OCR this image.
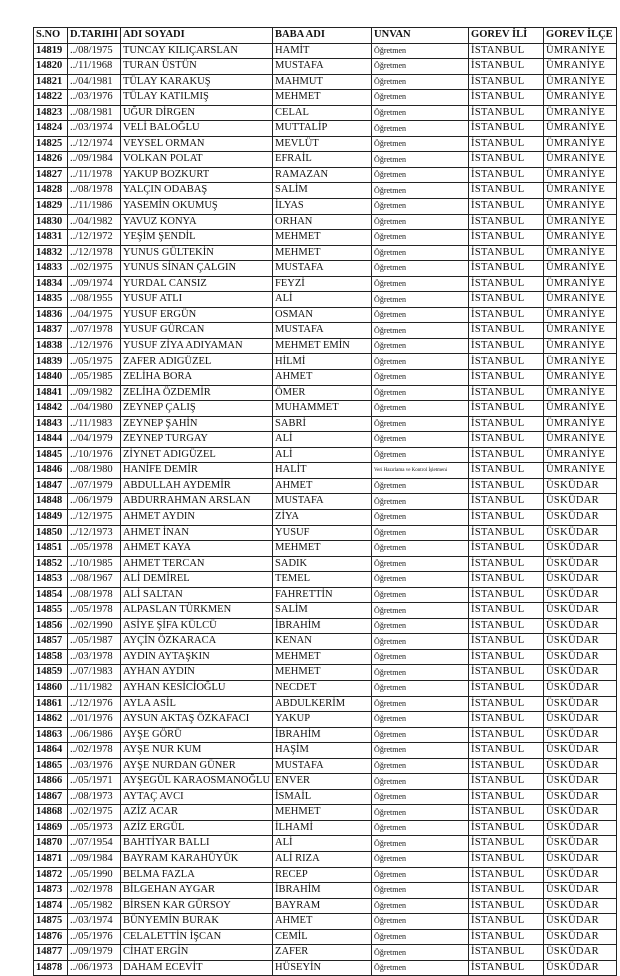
S.NO	D.TARIHI	ADI SOYADI	BABA ADI	UNVAN	GOREV İLİ	GOREV İLÇE
14819	../08/1975	TUNCAY KILIÇARSLAN	HAMİT	Öğretmen	İSTANBUL	ÜMRANİYE
14820	../11/1968	TURAN ÜSTÜN	MUSTAFA	Öğretmen	İSTANBUL	ÜMRANİYE
14821	../04/1981	TÜLAY KARAKUŞ	MAHMUT	Öğretmen	İSTANBUL	ÜMRANİYE
14822	../03/1976	TÜLAY KATILMIŞ	MEHMET	Öğretmen	İSTANBUL	ÜMRANİYE
14823	../08/1981	UĞUR DİRGEN	CELAL	Öğretmen	İSTANBUL	ÜMRANİYE
14824	../03/1974	VELİ BALOĞLU	MUTTALİP	Öğretmen	İSTANBUL	ÜMRANİYE
14825	../12/1974	VEYSEL ORMAN	MEVLÜT	Öğretmen	İSTANBUL	ÜMRANİYE
14826	../09/1984	VOLKAN POLAT	EFRAİL	Öğretmen	İSTANBUL	ÜMRANİYE
14827	../11/1978	YAKUP BOZKURT	RAMAZAN	Öğretmen	İSTANBUL	ÜMRANİYE
14828	../08/1978	YALÇIN ODABAŞ	SALİM	Öğretmen	İSTANBUL	ÜMRANİYE
14829	../11/1986	YASEMİN OKUMUŞ	İLYAS	Öğretmen	İSTANBUL	ÜMRANİYE
14830	../04/1982	YAVUZ KONYA	ORHAN	Öğretmen	İSTANBUL	ÜMRANİYE
14831	../12/1972	YEŞİM ŞENDİL	MEHMET	Öğretmen	İSTANBUL	ÜMRANİYE
14832	../12/1978	YUNUS GÜLTEKİN	MEHMET	Öğretmen	İSTANBUL	ÜMRANİYE
14833	../02/1975	YUNUS SİNAN ÇALGIN	MUSTAFA	Öğretmen	İSTANBUL	ÜMRANİYE
14834	../09/1974	YURDAL CANSIZ	FEYZİ	Öğretmen	İSTANBUL	ÜMRANİYE
14835	../08/1955	YUSUF ATLI	ALİ	Öğretmen	İSTANBUL	ÜMRANİYE
14836	../04/1975	YUSUF ERGÜN	OSMAN	Öğretmen	İSTANBUL	ÜMRANİYE
14837	../07/1978	YUSUF GÜRCAN	MUSTAFA	Öğretmen	İSTANBUL	ÜMRANİYE
14838	../12/1976	YUSUF ZİYA ADIYAMAN	MEHMET EMİN	Öğretmen	İSTANBUL	ÜMRANİYE
14839	../05/1975	ZAFER ADIGÜZEL	HİLMİ	Öğretmen	İSTANBUL	ÜMRANİYE
14840	../05/1985	ZELİHA BORA	AHMET	Öğretmen	İSTANBUL	ÜMRANİYE
14841	../09/1982	ZELİHA ÖZDEMİR	ÖMER	Öğretmen	İSTANBUL	ÜMRANİYE
14842	../04/1980	ZEYNEP ÇALIŞ	MUHAMMET	Öğretmen	İSTANBUL	ÜMRANİYE
14843	../11/1983	ZEYNEP ŞAHİN	SABRİ	Öğretmen	İSTANBUL	ÜMRANİYE
14844	../04/1979	ZEYNEP TURGAY	ALİ	Öğretmen	İSTANBUL	ÜMRANİYE
14845	../10/1976	ZİYNET ADIGÜZEL	ALİ	Öğretmen	İSTANBUL	ÜMRANİYE
14846	../08/1980	HANİFE DEMİR	HALİT	Veri Hazırlama ve Kontrol İşletmeni	İSTANBUL	ÜMRANİYE
14847	../07/1979	ABDULLAH AYDEMİR	AHMET	Öğretmen	İSTANBUL	ÜSKÜDAR
14848	../06/1979	ABDURRAHMAN ARSLAN	MUSTAFA	Öğretmen	İSTANBUL	ÜSKÜDAR
14849	../12/1975	AHMET AYDIN	ZİYA	Öğretmen	İSTANBUL	ÜSKÜDAR
14850	../12/1973	AHMET İNAN	YUSUF	Öğretmen	İSTANBUL	ÜSKÜDAR
14851	../05/1978	AHMET KAYA	MEHMET	Öğretmen	İSTANBUL	ÜSKÜDAR
14852	../10/1985	AHMET TERCAN	SADIK	Öğretmen	İSTANBUL	ÜSKÜDAR
14853	../08/1967	ALİ DEMİREL	TEMEL	Öğretmen	İSTANBUL	ÜSKÜDAR
14854	../08/1978	ALİ SALTAN	FAHRETTİN	Öğretmen	İSTANBUL	ÜSKÜDAR
14855	../05/1978	ALPASLAN TÜRKMEN	SALİM	Öğretmen	İSTANBUL	ÜSKÜDAR
14856	../02/1990	ASİYE ŞİFA KÜLCÜ	İBRAHİM	Öğretmen	İSTANBUL	ÜSKÜDAR
14857	../05/1987	AYÇİN ÖZKARACA	KENAN	Öğretmen	İSTANBUL	ÜSKÜDAR
14858	../03/1978	AYDIN AYTAŞKIN	MEHMET	Öğretmen	İSTANBUL	ÜSKÜDAR
14859	../07/1983	AYHAN AYDIN	MEHMET	Öğretmen	İSTANBUL	ÜSKÜDAR
14860	../11/1982	AYHAN KESİCİOĞLU	NECDET	Öğretmen	İSTANBUL	ÜSKÜDAR
14861	../12/1976	AYLA ASİL	ABDULKERİM	Öğretmen	İSTANBUL	ÜSKÜDAR
14862	../01/1976	AYSUN AKTAŞ ÖZKAFACI	YAKUP	Öğretmen	İSTANBUL	ÜSKÜDAR
14863	../06/1986	AYŞE GÖRÜ	İBRAHİM	Öğretmen	İSTANBUL	ÜSKÜDAR
14864	../02/1978	AYŞE NUR KUM	HAŞİM	Öğretmen	İSTANBUL	ÜSKÜDAR
14865	../03/1976	AYŞE NURDAN GÜNER	MUSTAFA	Öğretmen	İSTANBUL	ÜSKÜDAR
14866	../05/1971	AYŞEGÜL KARAOSMANOĞLU	ENVER	Öğretmen	İSTANBUL	ÜSKÜDAR
14867	../08/1973	AYTAÇ AVCI	İSMAİL	Öğretmen	İSTANBUL	ÜSKÜDAR
14868	../02/1975	AZİZ ACAR	MEHMET	Öğretmen	İSTANBUL	ÜSKÜDAR
14869	../05/1973	AZİZ ERGÜL	İLHAMİ	Öğretmen	İSTANBUL	ÜSKÜDAR
14870	../07/1954	BAHTİYAR BALLI	ALİ	Öğretmen	İSTANBUL	ÜSKÜDAR
14871	../09/1984	BAYRAM KARAHÜYÜK	ALİ RIZA	Öğretmen	İSTANBUL	ÜSKÜDAR
14872	../05/1990	BELMA FAZLA	RECEP	Öğretmen	İSTANBUL	ÜSKÜDAR
14873	../02/1978	BİLGEHAN AYGAR	İBRAHİM	Öğretmen	İSTANBUL	ÜSKÜDAR
14874	../05/1982	BİRSEN KAR GÜRSOY	BAYRAM	Öğretmen	İSTANBUL	ÜSKÜDAR
14875	../03/1974	BÜNYEMİN BURAK	AHMET	Öğretmen	İSTANBUL	ÜSKÜDAR
14876	../05/1976	CELALETTİN İŞCAN	CEMİL	Öğretmen	İSTANBUL	ÜSKÜDAR
14877	../09/1979	CİHAT ERGİN	ZAFER	Öğretmen	İSTANBUL	ÜSKÜDAR
14878	../06/1973	DAHAM ECEVİT	HÜSEYİN	Öğretmen	İSTANBUL	ÜSKÜDAR
